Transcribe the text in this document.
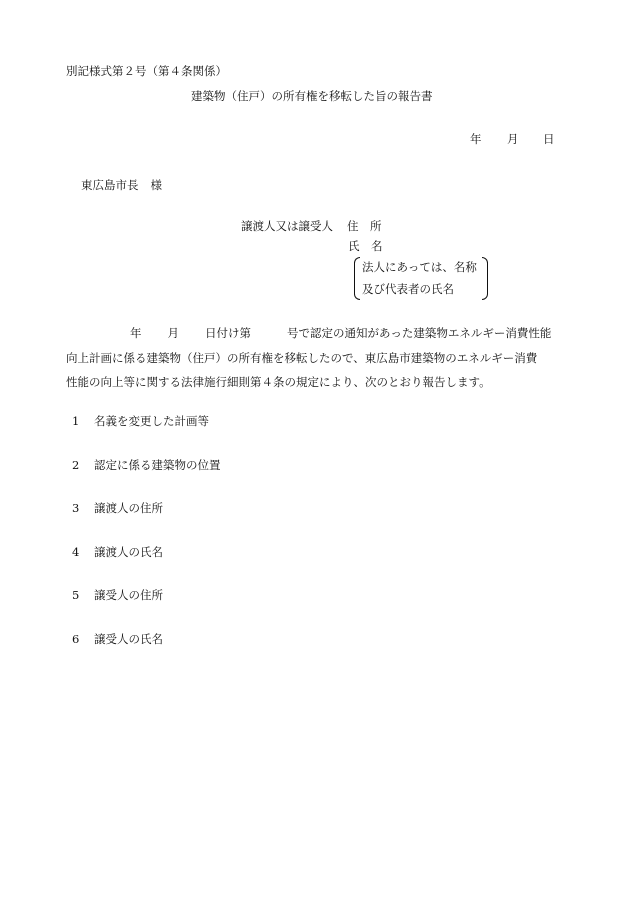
別記様式第２号（第４条関係）
建築物（住戸）の所有権を移転した旨の報告書
年 月 日
東広島市長 様
譲渡人又は譲受人 住　所
氏　名
法人にあっては、名称
及び代表者の氏名
年 月 日付け第	号で認定の通知があった建築物エネルギー消費性能
向上計画に係る建築物（住戸）の所有権を移転したので、東広島市建築物のエネルギー消費
性能の向上等に関する法律施行細則第４条の規定により、次のとおり報告します。
1 名義を変更した計画等
2 認定に係る建築物の位置
3 譲渡人の住所
4 譲渡人の氏名
5 譲受人の住所
6 譲受人の氏名
